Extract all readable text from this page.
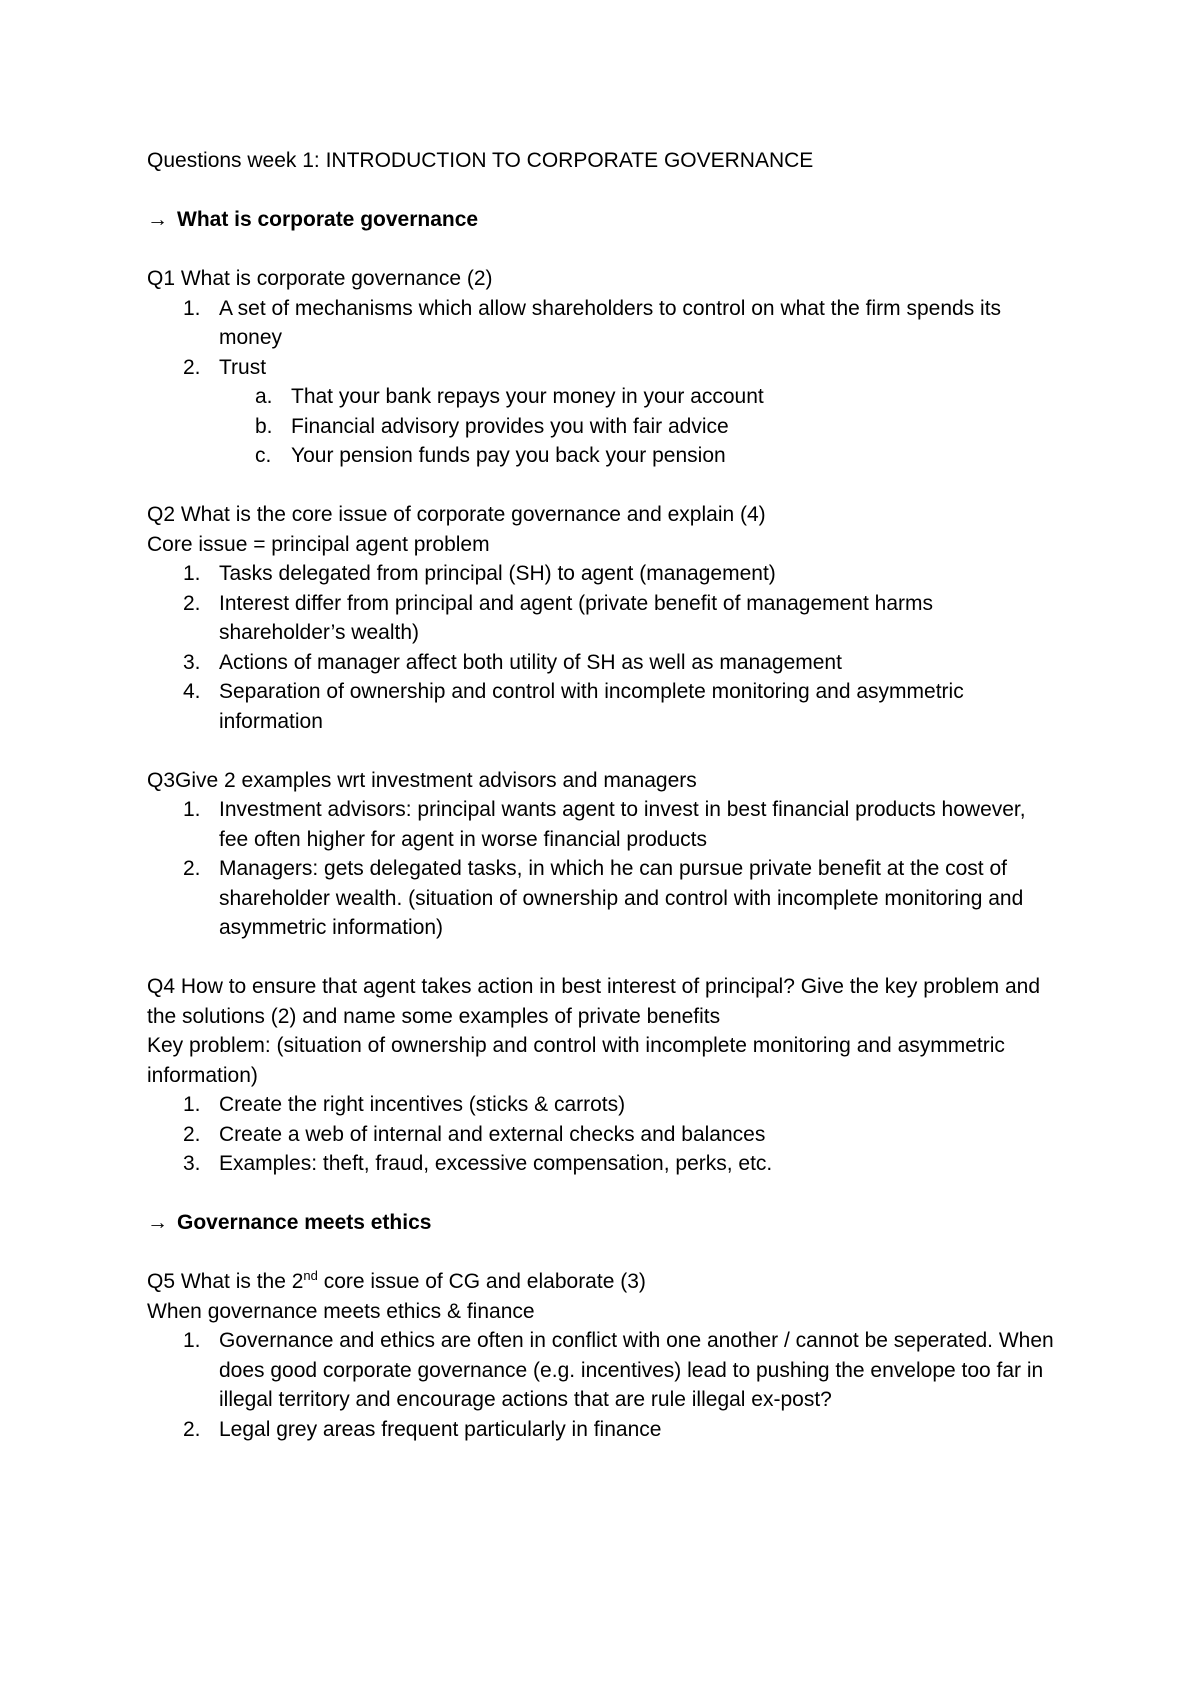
Questions week 1: INTRODUCTION TO CORPORATE GOVERNANCE

→ What is corporate governance

Q1 What is corporate governance (2)

1. A set of mechanisms which allow shareholders to control on what the firm spends its money
2. Trust
a. That your bank repays your money in your account
b. Financial advisory provides you with fair advice
c. Your pension funds pay you back your pension

Q2 What is the core issue of corporate governance and explain (4)

Core issue = principal agent problem

1. Tasks delegated from principal (SH) to agent (management)
2. Interest differ from principal and agent (private benefit of management harms shareholder’s wealth)
3. Actions of manager affect both utility of SH as well as management
4. Separation of ownership and control with incomplete monitoring and asymmetric information

Q3Give 2 examples wrt investment advisors and managers

1. Investment advisors: principal wants agent to invest in best financial products however, fee often higher for agent in worse financial products
2. Managers: gets delegated tasks, in which he can pursue private benefit at the cost of shareholder wealth. (situation of ownership and control with incomplete monitoring and asymmetric information)

Q4 How to ensure that agent takes action in best interest of principal? Give the key problem and the solutions (2) and name some examples of private benefits

Key problem: (situation of ownership and control with incomplete monitoring and asymmetric information)

1. Create the right incentives (sticks & carrots)
2. Create a web of internal and external checks and balances
3. Examples: theft, fraud, excessive compensation, perks, etc.

→ Governance meets ethics

Q5 What is the 2nd core issue of CG and elaborate (3)

When governance meets ethics & finance

1. Governance and ethics are often in conflict with one another / cannot be seperated. When does good corporate governance (e.g. incentives) lead to pushing the envelope too far in illegal territory and encourage actions that are rule illegal ex-post?
2. Legal grey areas frequent particularly in finance
